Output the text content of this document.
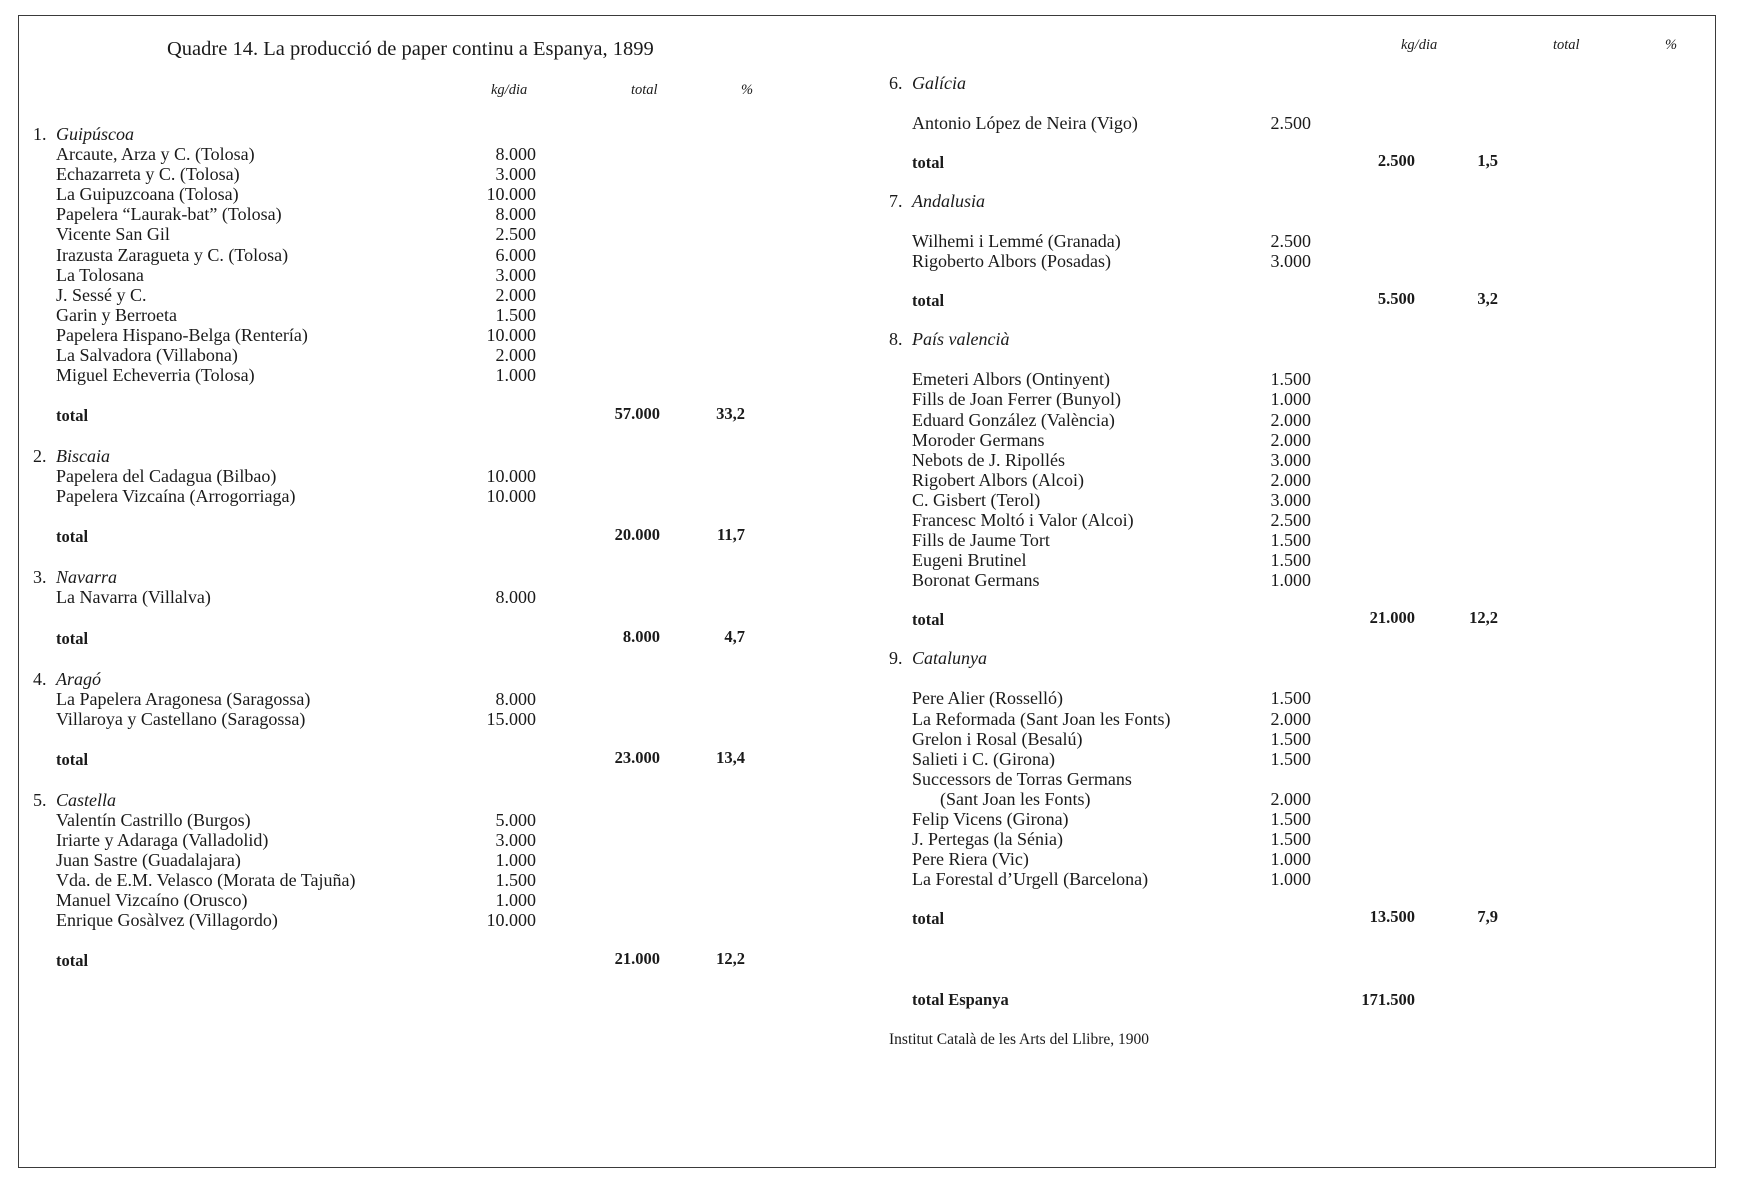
Quadre 14. La producció de paper continu a Espanya, 1899
kg/dia	total	%
1. Guipúscoa
Arcaute, Arza y C. (Tolosa)	8.000
Echazarreta y C. (Tolosa)	3.000
La Guipuzcoana (Tolosa)	10.000
Papelera “Laurak-bat” (Tolosa)	8.000
Vicente San Gil	2.500
Irazusta Zaragueta y C. (Tolosa)	6.000
La Tolosana	3.000
J. Sessé y C.	2.000
Garin y Berroeta	1.500
Papelera Hispano-Belga (Rentería)	10.000
La Salvadora (Villabona)	2.000
Miguel Echeverria (Tolosa)	1.000
total	57.000	33,2
2. Biscaia
Papelera del Cadagua (Bilbao)	10.000
Papelera Vizcaína (Arrogorriaga)	10.000
total	20.000	11,7
3. Navarra
La Navarra (Villalva)	8.000
total	8.000	4,7
4. Aragó
La Papelera Aragonesa (Saragossa)	8.000
Villaroya y Castellano (Saragossa)	15.000
total	23.000	13,4
5. Castella
Valentín Castrillo (Burgos)	5.000
Iriarte y Adaraga (Valladolid)	3.000
Juan Sastre (Guadalajara)	1.000
Vda. de E.M. Velasco (Morata de Tajuña)	1.500
Manuel Vizcaíno (Orusco)	1.000
Enrique Gosàlvez (Villagordo)	10.000
total	21.000	12,2
kg/dia	total	%
6. Galícia
Antonio López de Neira (Vigo)	2.500
total	2.500	1,5
7. Andalusia
Wilhemi i Lemmé (Granada)	2.500
Rigoberto Albors (Posadas)	3.000
total	5.500	3,2
8. País valencià
Emeteri Albors (Ontinyent)	1.500
Fills de Joan Ferrer (Bunyol)	1.000
Eduard González (València)	2.000
Moroder Germans	2.000
Nebots de J. Ripollés	3.000
Rigobert Albors (Alcoi)	2.000
C. Gisbert (Terol)	3.000
Francesc Moltó i Valor (Alcoi)	2.500
Fills de Jaume Tort	1.500
Eugeni Brutinel	1.500
Boronat Germans	1.000
total	21.000	12,2
9. Catalunya
Pere Alier (Rosselló)	1.500
La Reformada (Sant Joan les Fonts)	2.000
Grelon i Rosal (Besalú)	1.500
Salieti i C. (Girona)	1.500
Successors de Torras Germans
(Sant Joan les Fonts)	2.000
Felip Vicens (Girona)	1.500
J. Pertegas (la Sénia)	1.500
Pere Riera (Vic)	1.000
La Forestal d’Urgell (Barcelona)	1.000
total	13.500	7,9
total Espanya	171.500
Institut Català de les Arts del Llibre, 1900
